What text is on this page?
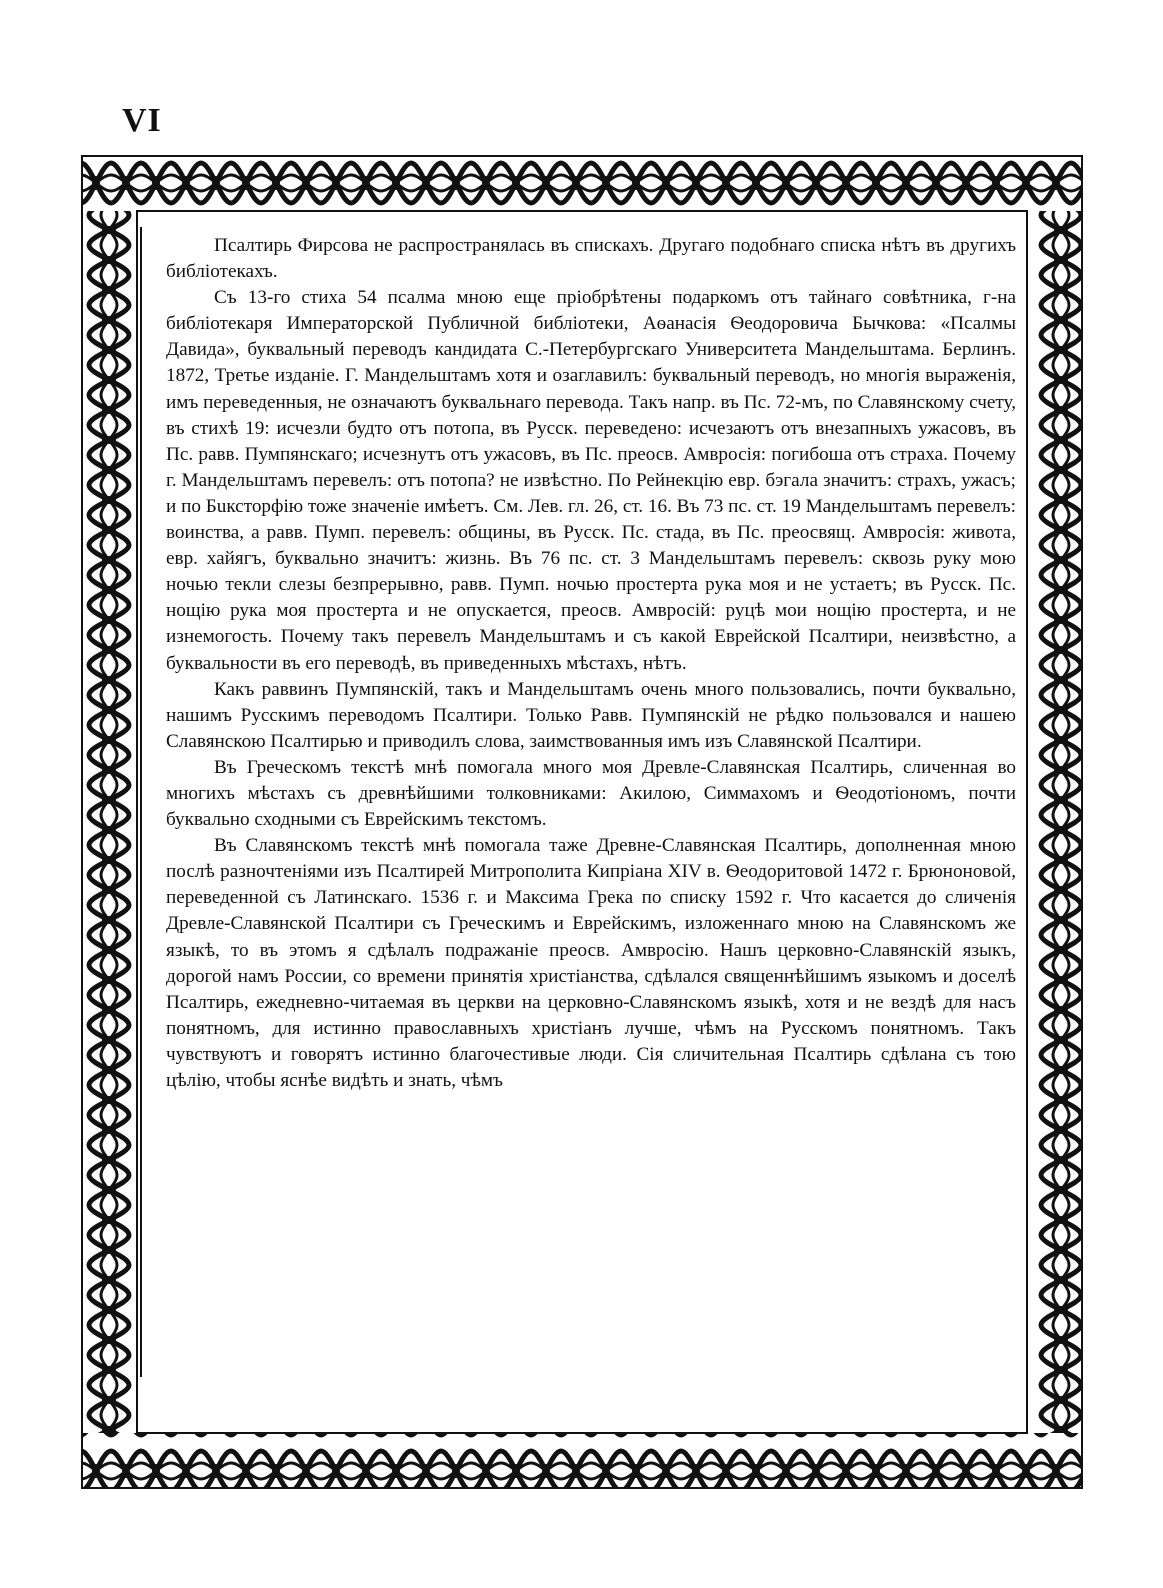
VI

Псалтирь Фирсова не распространялась въ спискахъ. Другаго подобнаго списка нѣтъ въ другихъ библіотекахъ.

Съ 13-го стиха 54 псалма мною еще пріобрѣтены подаркомъ отъ тайнаго совѣтника, г-на библіотекаря Императорской Публичной библіотеки, Аѳанасія Ѳеодоровича Бычкова: «Псалмы Давида», буквальный переводъ кандидата С.-Петербургскаго Университета Мандельштама. Берлинъ. 1872, Третье изданіе. Г. Мандельштамъ хотя и озаглавилъ: буквальный переводъ, но многія выраженія, имъ переведенныя, не означаютъ буквальнаго перевода. Такъ напр. въ Пс. 72-мъ, по Славянскому счету, въ стихѣ 19: исчезли будто отъ потопа, въ Русск. переведено: исчезаютъ отъ внезапныхъ ужасовъ, въ Пс. равв. Пумпянскаго; исчезнутъ отъ ужасовъ, въ Пс. преосв. Амвросія: погибоша отъ страха. Почему г. Мандельштамъ перевелъ: отъ потопа? не извѣстно. По Рейнекцію евр. бэгала значитъ: страхъ, ужасъ; и по Бuксторфію тоже значеніе имѣетъ. См. Лев. гл. 26, ст. 16. Въ 73 пс. ст. 19 Мандельштамъ перевелъ: воинства, а равв. Пумп. перевелъ: общины, въ Русск. Пс. стада, въ Пс. преосвящ. Амвросія: живота, евр. хайягъ, буквально значитъ: жизнь. Въ 76 пс. ст. 3 Мандельштамъ перевелъ: сквозь руку мою ночью текли слезы безпрерывно, равв. Пумп. ночью простерта рука моя и не устаетъ; въ Русск. Пс. нощію рука моя простерта и не опускается, преосв. Амвросій: руцѣ мои нощію простерта, и не изнемогость. Почему такъ перевелъ Мандельштамъ и съ какой Еврейской Псалтири, неизвѣстно, а буквальности въ его переводѣ, въ приведенныхъ мѣстахъ, нѣтъ.

Какъ раввинъ Пумпянскій, такъ и Мандельштамъ очень много пользовались, почти буквально, нашимъ Русскимъ переводомъ Псалтири. Только Равв. Пумпянскій не рѣдко пользовался и нашею Славянскою Псалтирью и приводилъ слова, заимствованныя имъ изъ Славянской Псалтири.

Въ Греческомъ текстѣ мнѣ помогала много моя Древле-Славянская Псалтирь, сличенная во многихъ мѣстахъ съ древнѣйшими толковниками: Акилою, Симмахомъ и Ѳеодотіономъ, почти буквально сходными съ Еврейскимъ текстомъ.

Въ Славянскомъ текстѣ мнѣ помогала таже Древне-Славянская Псалтирь, дополненная мною послѣ разночтеніями изъ Псалтирей Митрополита Кипріана XIV в. Ѳеодоритовой 1472 г. Брюноновой, переведенной съ Латинскаго. 1536 г. и Максима Грека по списку 1592 г. Что касается до сличенія Древле-Славянской Псалтири съ Греческимъ и Еврейскимъ, изложеннаго мною на Славянскомъ же языкѣ, то въ этомъ я сдѣлалъ подражаніе преосв. Амвросію. Нашъ церковно-Славянскій языкъ, дорогой намъ России, со времени принятія христіанства, сдѣлался священнѣйшимъ языкомъ и доселѣ Псалтирь, ежедневно-читаемая въ церкви на церковно-Славянскомъ языкѣ, хотя и не вездѣ для насъ понятномъ, для истинно православныхъ христіанъ лучше, чѣмъ на Русскомъ понятномъ. Такъ чувствуютъ и говорятъ истинно благочестивые люди. Сія сличительная Псалтирь сдѣлана съ тою цѣлію, чтобы яснѣе видѣть и знать, чѣмъ
